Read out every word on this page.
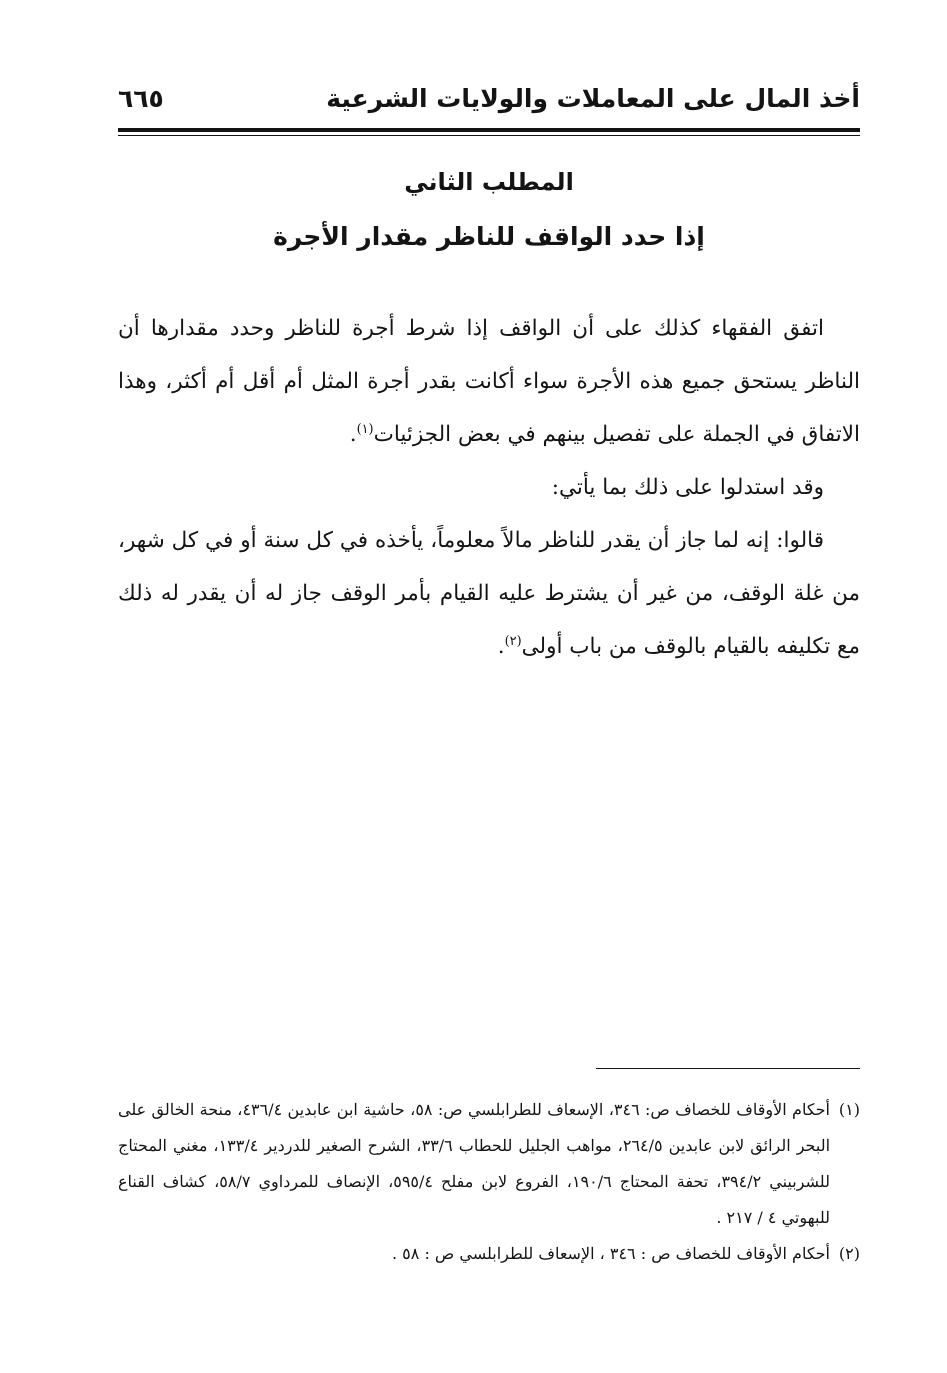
أخذ المال على المعاملات والولايات الشرعية
٦٦٥
المطلب الثاني
إذا حدد الواقف للناظر مقدار الأجرة

اتفق الفقهاء كذلك على أن الواقف إذا شرط أجرة للناظر وحدد مقدارها أن الناظر يستحق جميع هذه الأجرة سواء أكانت بقدر أجرة المثل أم أقل أم أكثر، وهذا الاتفاق في الجملة على تفصيل بينهم في بعض الجزئيات$^{(١)}$.

وقد استدلوا على ذلك بما يأتي:

قالوا: إنه لما جاز أن يقدر للناظر مالاً معلوماً، يأخذه في كل سنة أو في كل شهر، من غلة الوقف، من غير أن يشترط عليه القيام بأمر الوقف جاز له أن يقدر له ذلك مع تكليفه بالقيام بالوقف من باب أولى$^{(٢)}$.

(١)
أحكام الأوقاف للخصاف ص: ٣٤٦، الإسعاف للطرابلسي ص: ٥٨، حاشية ابن عابدين ٤٣٦/٤، منحة الخالق على البحر الرائق لابن عابدين ٢٦٤/٥، مواهب الجليل للحطاب ٣٣/٦، الشرح الصغير للدردير ١٣٣/٤، مغني المحتاج للشربيني ٣٩٤/٢، تحفة المحتاج ١٩٠/٦، الفروع لابن مفلح ٥٩٥/٤، الإنصاف للمرداوي ٥٨/٧، كشاف القناع للبهوتي ٤ / ٢١٧ .

(٢)
أحكام الأوقاف للخصاف ص : ٣٤٦ ، الإسعاف للطرابلسي ص : ٥٨ .
